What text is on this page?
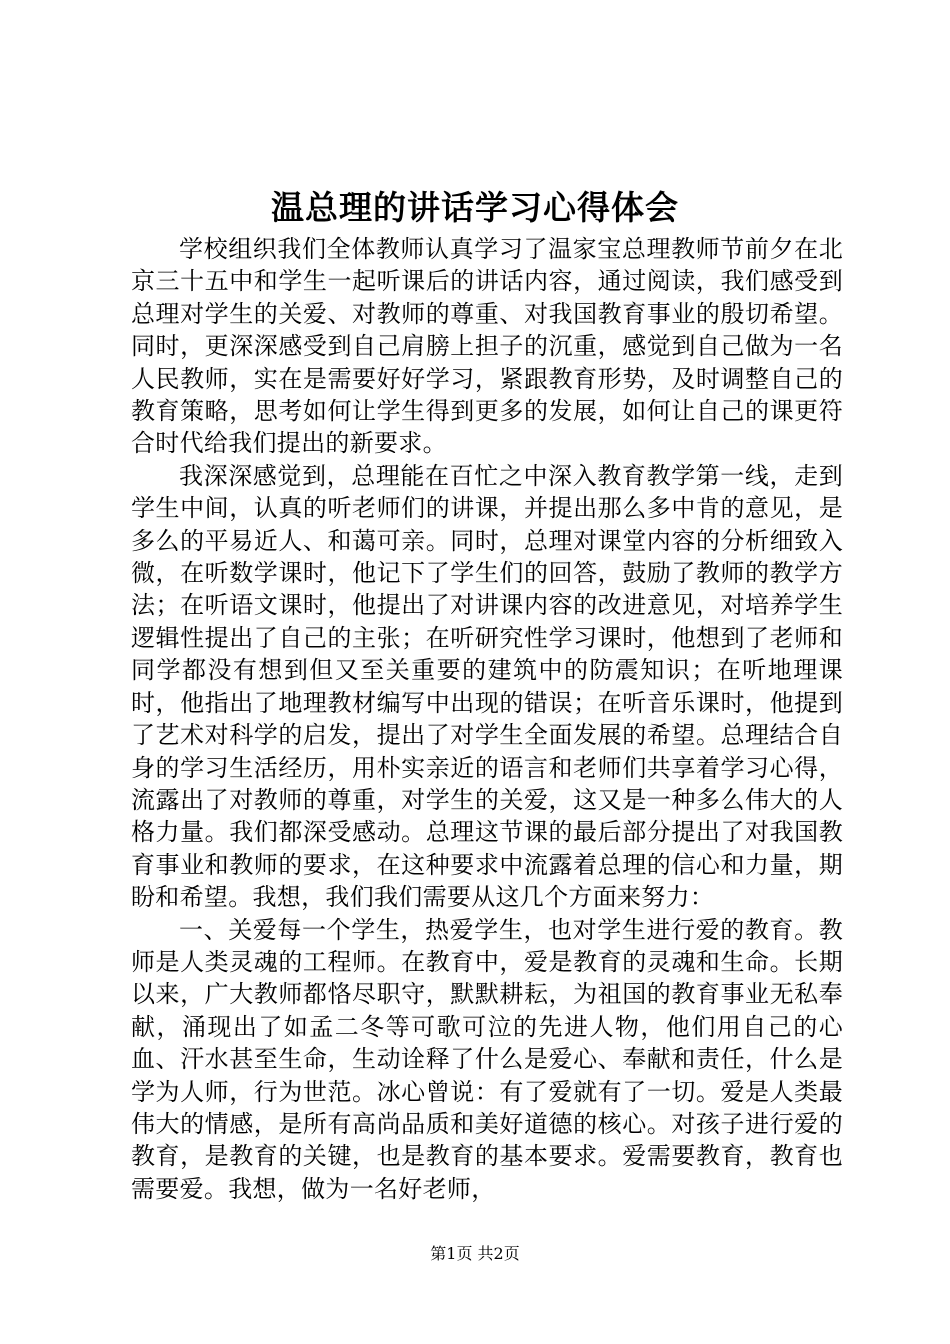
温总理的讲话学习心得体会

学校组织我们全体教师认真学习了温家宝总理教师节前夕在北京三十五中和学生一起听课后的讲话内容，通过阅读，我们感受到总理对学生的关爱、对教师的尊重、对我国教育事业的殷切希望。同时，更深深感受到自己肩膀上担子的沉重，感觉到自己做为一名人民教师，实在是需要好好学习，紧跟教育形势，及时调整自己的教育策略，思考如何让学生得到更多的发展，如何让自己的课更符合时代给我们提出的新要求。

我深深感觉到，总理能在百忙之中深入教育教学第一线，走到学生中间，认真的听老师们的讲课，并提出那么多中肯的意见，是多么的平易近人、和蔼可亲。同时，总理对课堂内容的分析细致入微，在听数学课时，他记下了学生们的回答，鼓励了教师的教学方法；在听语文课时，他提出了对讲课内容的改进意见，对培养学生逻辑性提出了自己的主张；在听研究性学习课时，他想到了老师和同学都没有想到但又至关重要的建筑中的防震知识；在听地理课时，他指出了地理教材编写中出现的错误；在听音乐课时，他提到了艺术对科学的启发，提出了对学生全面发展的希望。总理结合自身的学习生活经历，用朴实亲近的语言和老师们共享着学习心得，流露出了对教师的尊重，对学生的关爱，这又是一种多么伟大的人格力量。我们都深受感动。总理这节课的最后部分提出了对我国教育事业和教师的要求，在这种要求中流露着总理的信心和力量，期盼和希望。我想，我们我们需要从这几个方面来努力：

一、关爱每一个学生，热爱学生，也对学生进行爱的教育。教师是人类灵魂的工程师。在教育中，爱是教育的灵魂和生命。长期以来，广大教师都恪尽职守，默默耕耘，为祖国的教育事业无私奉献，涌现出了如孟二冬等可歌可泣的先进人物，他们用自己的心血、汗水甚至生命，生动诠释了什么是爱心、奉献和责任，什么是学为人师，行为世范。冰心曾说：有了爱就有了一切。爱是人类最伟大的情感，是所有高尚品质和美好道德的核心。对孩子进行爱的教育，是教育的关键，也是教育的基本要求。爱需要教育，教育也需要爱。我想，做为一名好老师，

第1页 共2页
